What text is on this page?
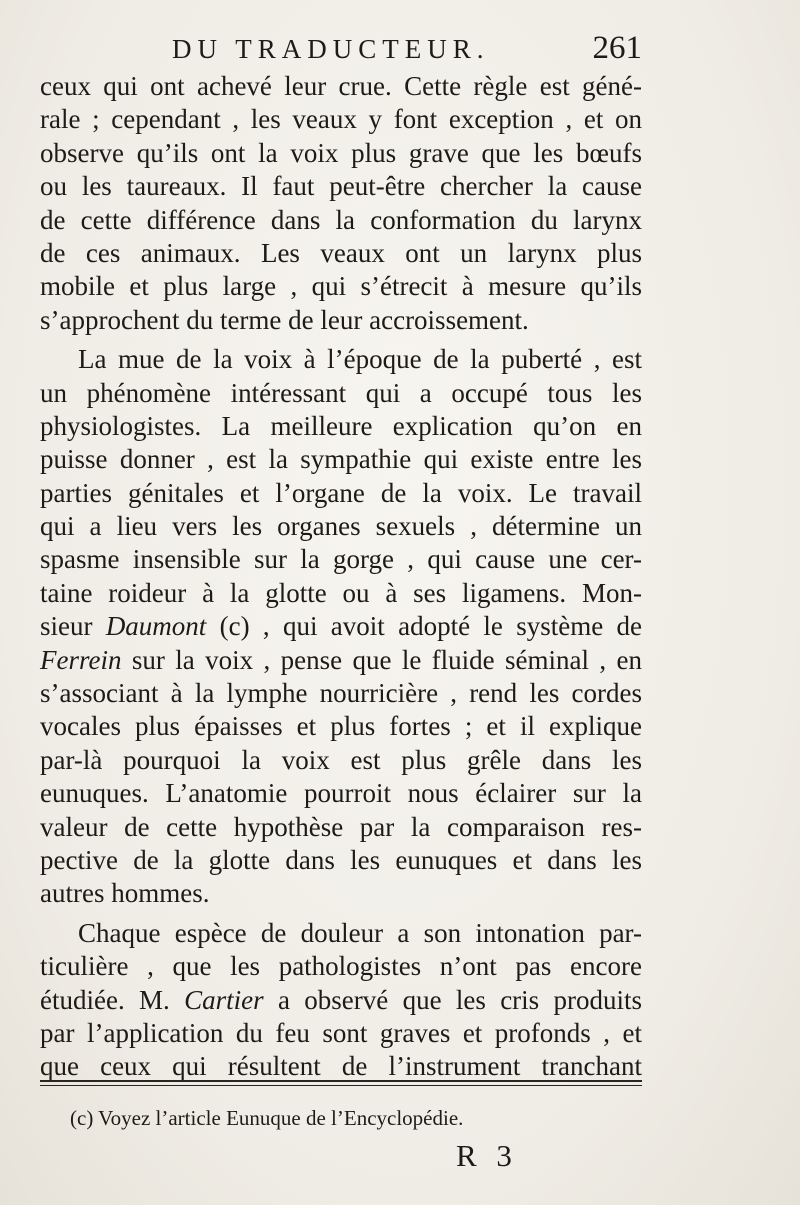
DU TRADUCTEUR.	261
ceux qui ont achevé leur crue. Cette règle est géné-
rale ; cependant , les veaux y font exception , et on
observe qu’ils ont la voix plus grave que les bœufs
ou les taureaux. Il faut peut-être chercher la cause
de cette différence dans la conformation du larynx
de ces animaux. Les veaux ont un larynx plus
mobile et plus large , qui s’étrecit à mesure qu’ils
s’approchent du terme de leur accroissement.
La mue de la voix à l’époque de la puberté , est
un phénomène intéressant qui a occupé tous les
physiologistes. La meilleure explication qu’on en
puisse donner , est la sympathie qui existe entre les
parties génitales et l’organe de la voix. Le travail
qui a lieu vers les organes sexuels , détermine un
spasme insensible sur la gorge , qui cause une cer-
taine roideur à la glotte ou à ses ligamens. Mon-
sieur Daumont (c) , qui avoit adopté le système de
Ferrein sur la voix , pense que le fluide séminal , en
s’associant à la lymphe nourricière , rend les cordes
vocales plus épaisses et plus fortes ; et il explique
par-là pourquoi la voix est plus grêle dans les
eunuques. L’anatomie pourroit nous éclairer sur la
valeur de cette hypothèse par la comparaison res-
pective de la glotte dans les eunuques et dans les
autres hommes.
Chaque espèce de douleur a son intonation par-
ticulière , que les pathologistes n’ont pas encore
étudiée. M. Cartier a observé que les cris produits
par l’application du feu sont graves et profonds , et
que ceux qui résultent de l’instrument tranchant
(c) Voyez l’article Eunuque de l’Encyclopédie.
R 3
